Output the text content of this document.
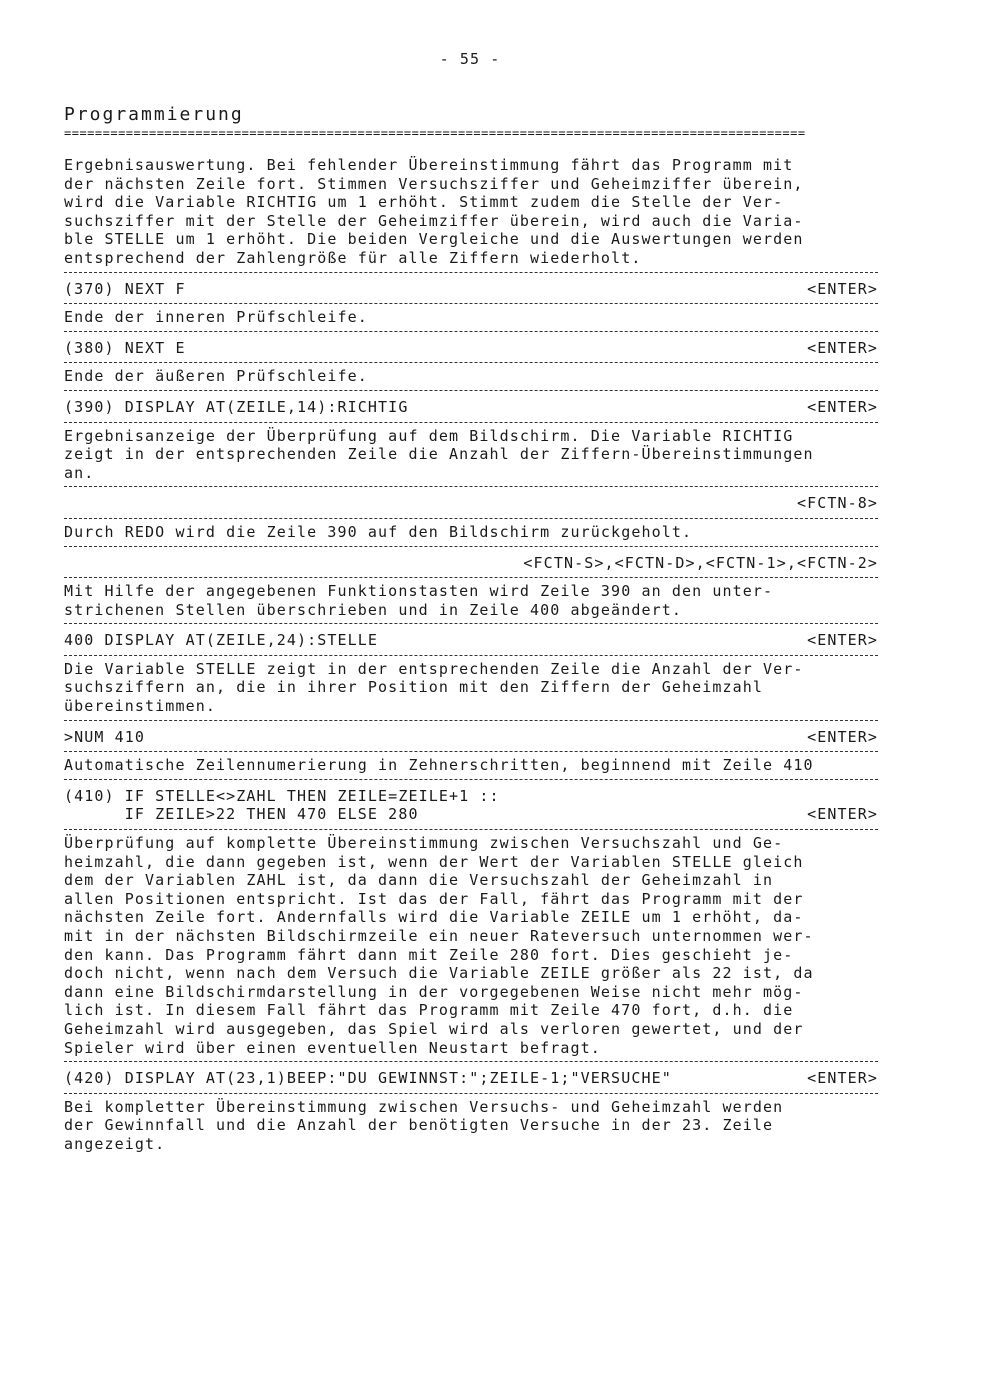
- 55 -
Programmierung
================================================================================================
Ergebnisauswertung. Bei fehlender Übereinstimmung fährt das Programm mit
der nächsten Zeile fort. Stimmen Versuchsziffer und Geheimziffer überein,
wird die Variable RICHTIG um 1 erhöht. Stimmt zudem die Stelle der Ver-
suchsziffer mit der Stelle der Geheimziffer überein, wird auch die Varia-
ble STELLE um 1 erhöht. Die beiden Vergleiche und die Auswertungen werden
entsprechend der Zahlengröße für alle Ziffern wiederholt.
(370) NEXT F	<ENTER>
Ende der inneren Prüfschleife.
(380) NEXT E	<ENTER>
Ende der äußeren Prüfschleife.
(390) DISPLAY AT(ZEILE,14):RICHTIG	<ENTER>
Ergebnisanzeige der Überprüfung auf dem Bildschirm. Die Variable RICHTIG
zeigt in der entsprechenden Zeile die Anzahl der Ziffern-Übereinstimmungen
an.
<FCTN-8>
Durch REDO wird die Zeile 390 auf den Bildschirm zurückgeholt.
<FCTN-S>,<FCTN-D>,<FCTN-1>,<FCTN-2>
Mit Hilfe der angegebenen Funktionstasten wird Zeile 390 an den unter-
strichenen Stellen überschrieben und in Zeile 400 abgeändert.
400 DISPLAY AT(ZEILE,24):STELLE	<ENTER>
Die Variable STELLE zeigt in der entsprechenden Zeile die Anzahl der Ver-
suchsziffern an, die in ihrer Position mit den Ziffern der Geheimzahl
übereinstimmen.
>NUM 410	<ENTER>
Automatische Zeilennumerierung in Zehnerschritten, beginnend mit Zeile 410
(410) IF STELLE<>ZAHL THEN ZEILE=ZEILE+1 ::
IF ZEILE>22 THEN 470 ELSE 280	<ENTER>
Überprüfung auf komplette Übereinstimmung zwischen Versuchszahl und Ge-
heimzahl, die dann gegeben ist, wenn der Wert der Variablen STELLE gleich
dem der Variablen ZAHL ist, da dann die Versuchszahl der Geheimzahl in
allen Positionen entspricht. Ist das der Fall, fährt das Programm mit der
nächsten Zeile fort. Andernfalls wird die Variable ZEILE um 1 erhöht, da-
mit in der nächsten Bildschirmzeile ein neuer Rateversuch unternommen wer-
den kann. Das Programm fährt dann mit Zeile 280 fort. Dies geschieht je-
doch nicht, wenn nach dem Versuch die Variable ZEILE größer als 22 ist, da
dann eine Bildschirmdarstellung in der vorgegebenen Weise nicht mehr mög-
lich ist. In diesem Fall fährt das Programm mit Zeile 470 fort, d.h. die
Geheimzahl wird ausgegeben, das Spiel wird als verloren gewertet, und der
Spieler wird über einen eventuellen Neustart befragt.
(420) DISPLAY AT(23,1)BEEP:"DU GEWINNST:";ZEILE-1;"VERSUCHE"	<ENTER>
Bei kompletter Übereinstimmung zwischen Versuchs- und Geheimzahl werden
der Gewinnfall und die Anzahl der benötigten Versuche in der 23. Zeile
angezeigt.
